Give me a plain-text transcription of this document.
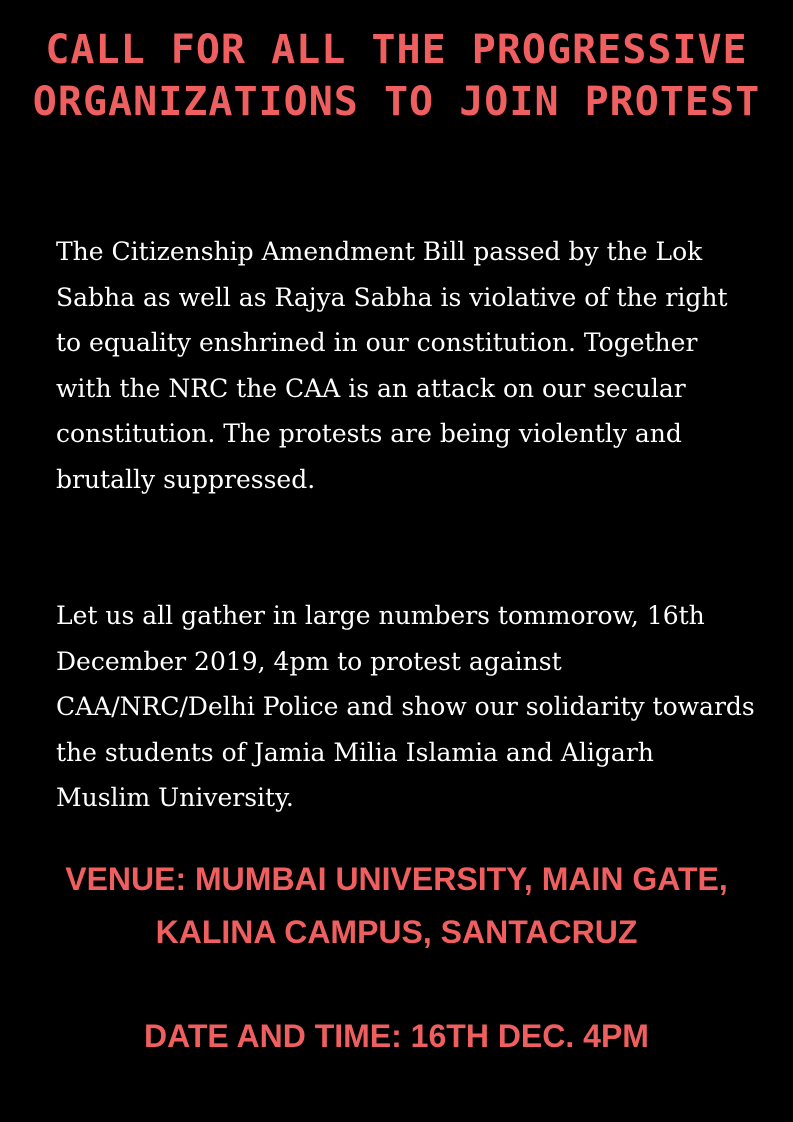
CALL FOR ALL THE PROGRESSIVE ORGANIZATIONS TO JOIN PROTEST

The Citizenship Amendment Bill passed by the Lok Sabha as well as Rajya Sabha is violative of the right to equality enshrined in our constitution. Together with the NRC the CAA is an attack on our secular constitution. The protests are being violently and brutally suppressed.

Let us all gather in large numbers tommorow, 16th December 2019, 4pm to protest against CAA/NRC/Delhi Police and show our solidarity towards the students of Jamia Milia Islamia and Aligarh Muslim University.

VENUE: MUMBAI UNIVERSITY, MAIN GATE, KALINA CAMPUS, SANTACRUZ

DATE AND TIME: 16TH DEC. 4PM
